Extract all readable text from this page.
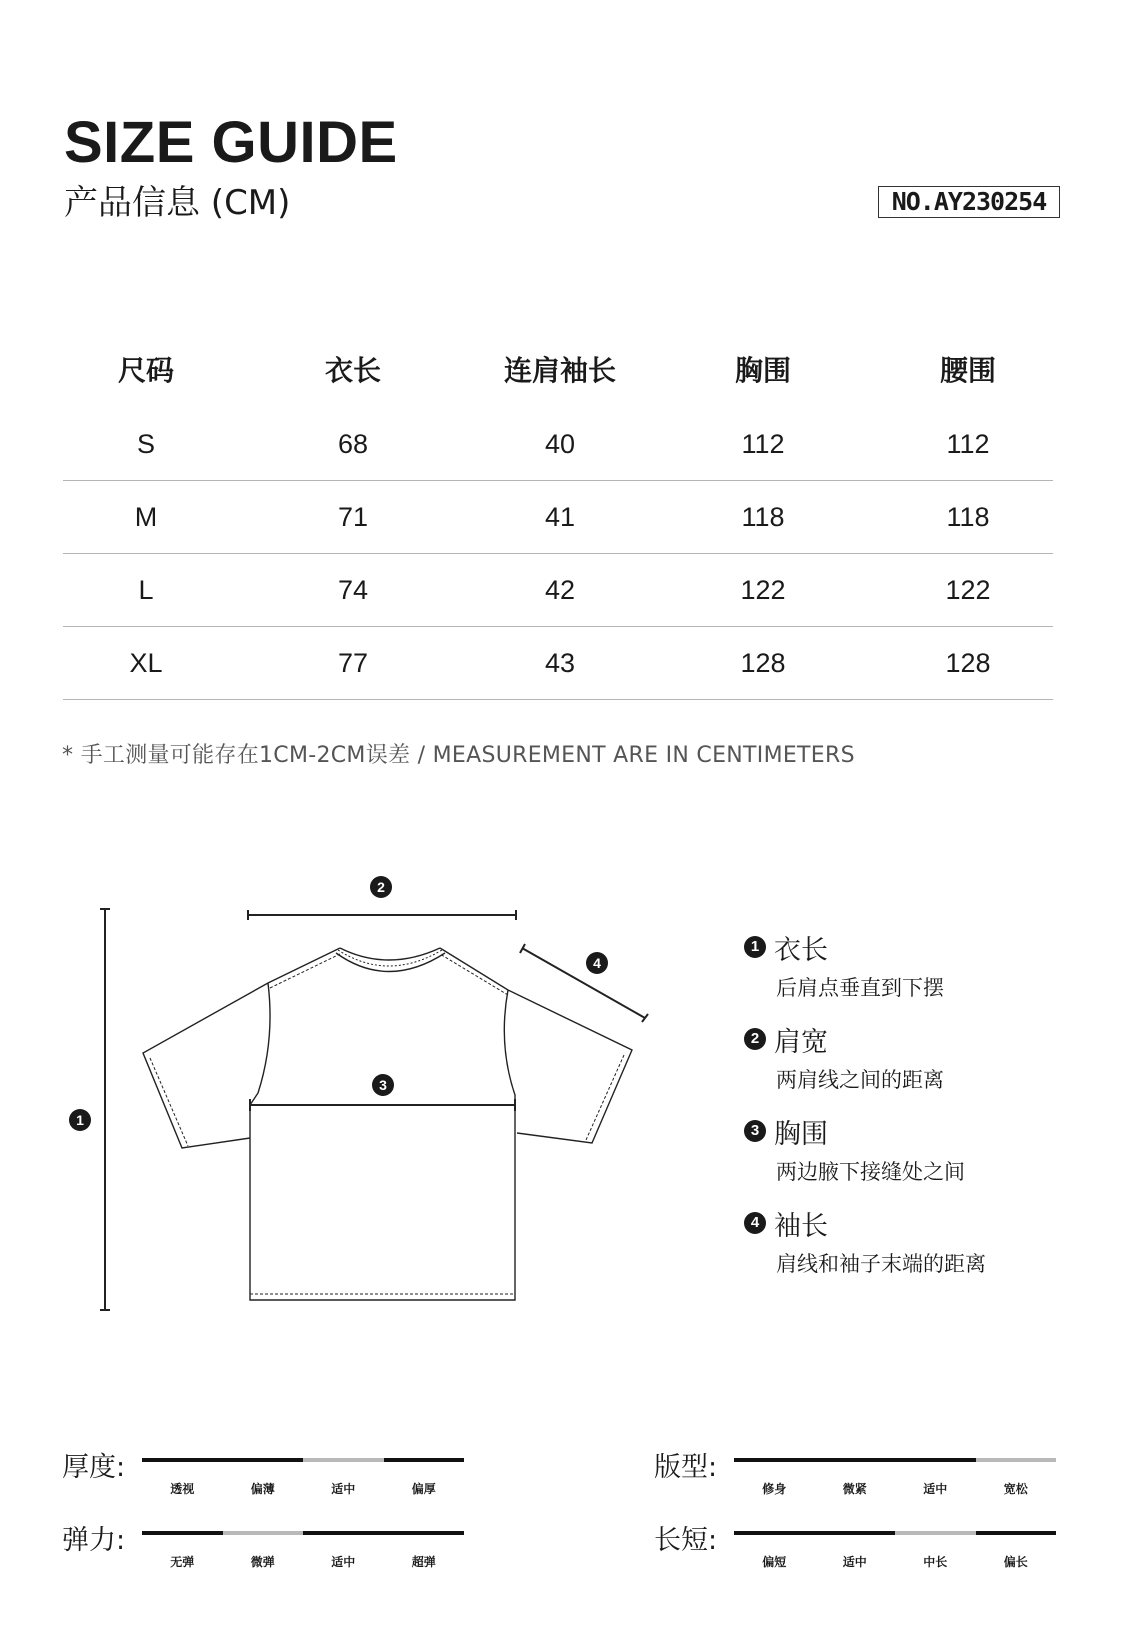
SIZE GUIDE
产品信息 (CM)	NO.AY230254
尺码	衣长	连肩袖长	胸围	腰围
S	68	40	112	112
M	71	41	118	118
L	74	42	122	122
XL	77	43	128	128
* 手工测量可能存在1CM-2CM误差 / MEASUREMENT ARE IN CENTIMETERS
1
2
3
4
1 衣长
后肩点垂直到下摆
2 肩宽
两肩线之间的距离
3 胸围
两边腋下接缝处之间
4 袖长
肩线和袖子末端的距离
厚度:
透视	偏薄	适中	偏厚
版型:
修身	微紧	适中	宽松
弹力:
无弹	微弹	适中	超弹
长短:
偏短	适中	中长	偏长
